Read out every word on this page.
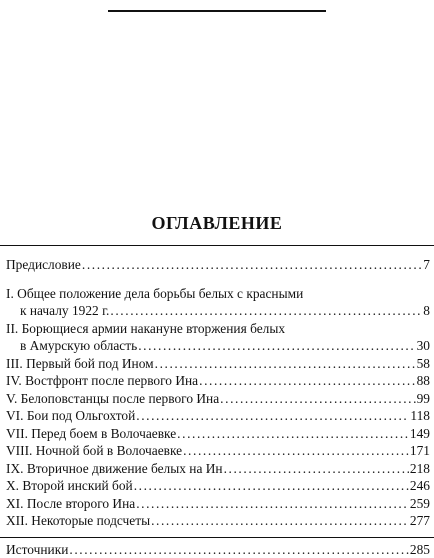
ОГЛАВЛЕНИЕ
Предисловие .....	7
I. Общее положение дела борьбы белых с красными
к началу 1922 г. .....	8
II. Борющиеся армии накануне вторжения белых
в Амурскую область .....	30
III. Первый бой под Ином .....	58
IV. Востфронт после первого Ина .....	88
V. Белоповстанцы после первого Ина .....	99
VI. Бои под Ольгохтой .....	118
VII. Перед боем в Волочаевке .....	149
VIII. Ночной бой в Волочаевке .....	171
IX. Вторичное движение белых на Ин .....	218
X. Второй инский бой .....	246
XI. После второго Ина .....	259
XII. Некоторые подсчеты .....	277
Источники .....	285
